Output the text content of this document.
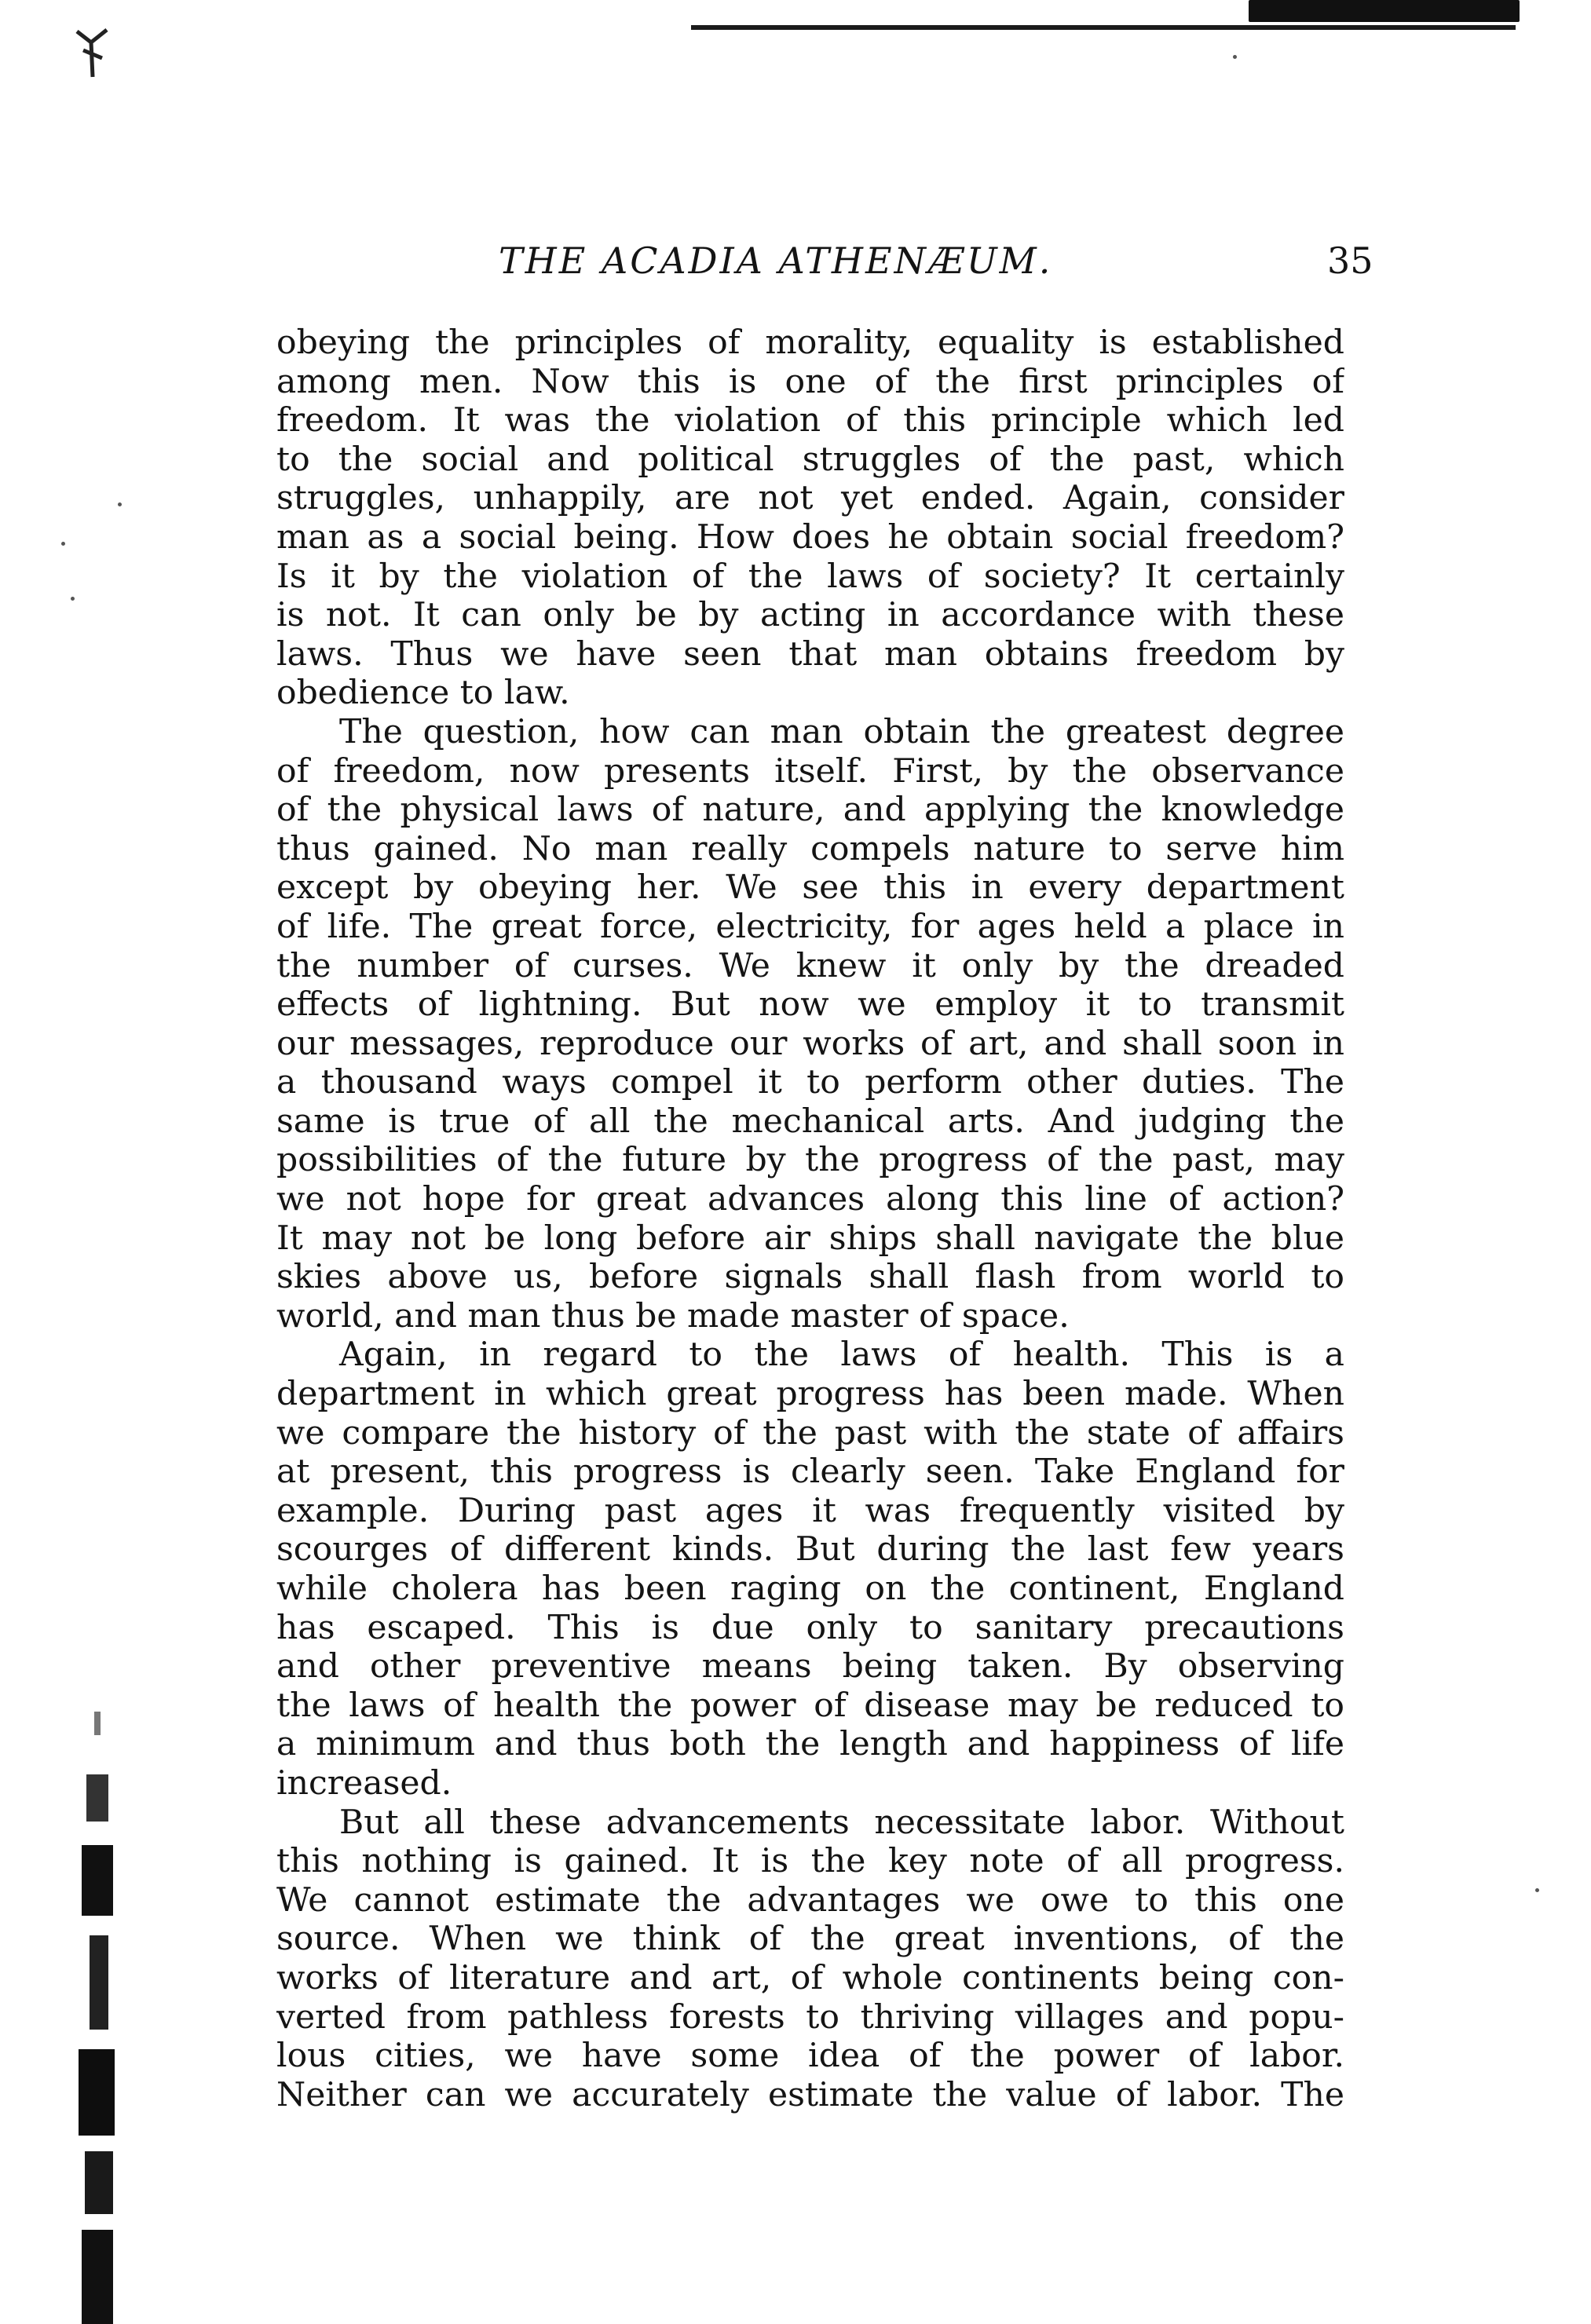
THE ACADIA ATHENÆUM.	35
obeying the principles of morality, equality is established
among men. Now this is one of the first principles of
freedom. It was the violation of this principle which led
to the social and political struggles of the past, which
struggles, unhappily, are not yet ended. Again, consider
man as a social being. How does he obtain social freedom?
Is it by the violation of the laws of society? It certainly
is not. It can only be by acting in accordance with these
laws. Thus we have seen that man obtains freedom by
obedience to law.
The question, how can man obtain the greatest degree
of freedom, now presents itself. First, by the observance
of the physical laws of nature, and applying the knowledge
thus gained. No man really compels nature to serve him
except by obeying her. We see this in every department
of life. The great force, electricity, for ages held a place in
the number of curses. We knew it only by the dreaded
effects of lightning. But now we employ it to transmit
our messages, reproduce our works of art, and shall soon in
a thousand ways compel it to perform other duties. The
same is true of all the mechanical arts. And judging the
possibilities of the future by the progress of the past, may
we not hope for great advances along this line of action?
It may not be long before air ships shall navigate the blue
skies above us, before signals shall flash from world to
world, and man thus be made master of space.
Again, in regard to the laws of health. This is a
department in which great progress has been made. When
we compare the history of the past with the state of affairs
at present, this progress is clearly seen. Take England for
example. During past ages it was frequently visited by
scourges of different kinds. But during the last few years
while cholera has been raging on the continent, England
has escaped. This is due only to sanitary precautions
and other preventive means being taken. By observing
the laws of health the power of disease may be reduced to
a minimum and thus both the length and happiness of life
increased.
But all these advancements necessitate labor. Without
this nothing is gained. It is the key note of all progress.
We cannot estimate the advantages we owe to this one
source. When we think of the great inventions, of the
works of literature and art, of whole continents being con-
verted from pathless forests to thriving villages and popu-
lous cities, we have some idea of the power of labor.
Neither can we accurately estimate the value of labor. The
